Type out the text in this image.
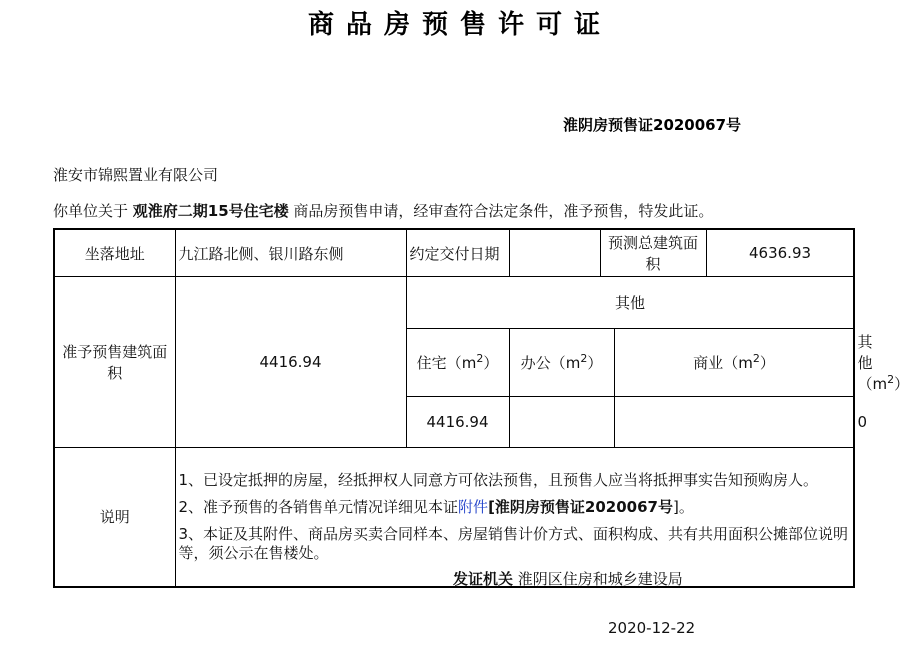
商品房预售许可证
淮阴房预售证2020067号
淮安市锦熙置业有限公司
你单位关于 观淮府二期15号住宅楼 商品房预售申请，经审查符合法定条件，准予预售，特发此证。
坐落地址	九江路北侧、银川路东侧	约定交付日期		预测总建筑面积		4636.93	
准予预售建筑面积	4416.94	其他					
		住宅$(m^2)$	办公$(m^2)$		商业$(m^2)$		其他$(m^2)$
		4416.94					0
说明	1、已设定抵押的房屋，经抵押权人同意方可依法预售，且预售人应当将抵押事实告知预购房人。

2、准予预售的各销售单元情况详细见本证附件[淮阴房预售证2020067号]。

3、本证及其附件、商品房买卖合同样本、房屋销售计价方式、面积构成、共有共用面积公摊部位说明等，须公示在售楼处。						

发证机关 淮阴区住房和城乡建设局
2020-12-22
